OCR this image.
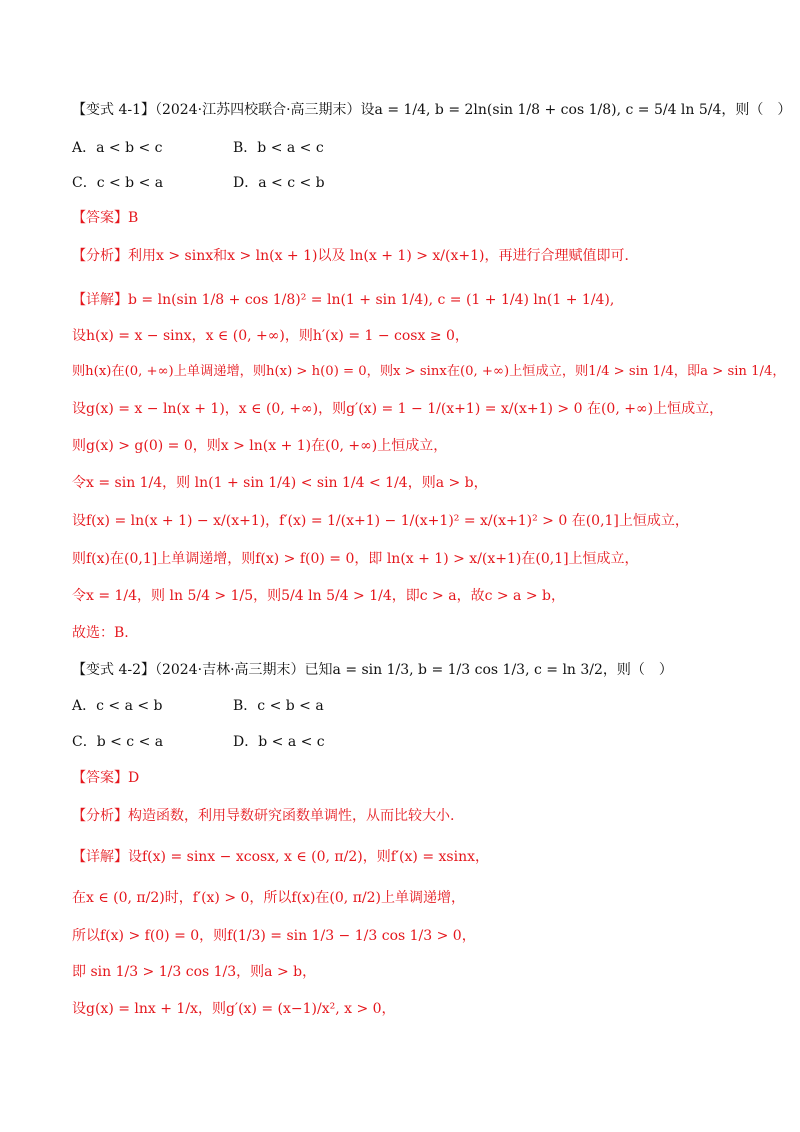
【变式 4-1】（2024·江苏四校联合·高三期末）设a = 1/4, b = 2ln(sin 1/8 + cos 1/8), c = 5/4 ln 5/4，则（　）
A．a < b < c	B．b < a < c
C．c < b < a	D．a < c < b
【答案】B
【分析】利用x > sinx和x > ln(x + 1)以及 ln(x + 1) > x/(x+1)，再进行合理赋值即可．
【详解】b = ln(sin 1/8 + cos 1/8)² = ln(1 + sin 1/4), c = (1 + 1/4) ln(1 + 1/4),
设h(x) = x − sinx，x ∈ (0, +∞)，则h′(x) = 1 − cosx ≥ 0，
则h(x)在(0, +∞)上单调递增，则h(x) > h(0) = 0，则x > sinx在(0, +∞)上恒成立，则1/4 > sin 1/4，即a > sin 1/4，
设g(x) = x − ln(x + 1)，x ∈ (0, +∞)，则g′(x) = 1 − 1/(x+1) = x/(x+1) > 0 在(0, +∞)上恒成立，
则g(x) > g(0) = 0，则x > ln(x + 1)在(0, +∞)上恒成立，
令x = sin 1/4，则 ln(1 + sin 1/4) < sin 1/4 < 1/4，则a > b，
设f(x) = ln(x + 1) − x/(x+1)，f′(x) = 1/(x+1) − 1/(x+1)² = x/(x+1)² > 0 在(0,1]上恒成立，
则f(x)在(0,1]上单调递增，则f(x) > f(0) = 0，即 ln(x + 1) > x/(x+1)在(0,1]上恒成立，
令x = 1/4，则 ln 5/4 > 1/5，则5/4 ln 5/4 > 1/4，即c > a，故c > a > b，
故选：B.
【变式 4-2】（2024·吉林·高三期末）已知a = sin 1/3, b = 1/3 cos 1/3, c = ln 3/2，则（　）
A．c < a < b	B．c < b < a
C．b < c < a	D．b < a < c
【答案】D
【分析】构造函数，利用导数研究函数单调性，从而比较大小.
【详解】设f(x) = sinx − xcosx, x ∈ (0, π/2)，则f′(x) = xsinx，
在x ∈ (0, π/2)时，f′(x) > 0，所以f(x)在(0, π/2)上单调递增，
所以f(x) > f(0) = 0，则f(1/3) = sin 1/3 − 1/3 cos 1/3 > 0，
即 sin 1/3 > 1/3 cos 1/3，则a > b，
设g(x) = lnx + 1/x，则g′(x) = (x−1)/x², x > 0，
